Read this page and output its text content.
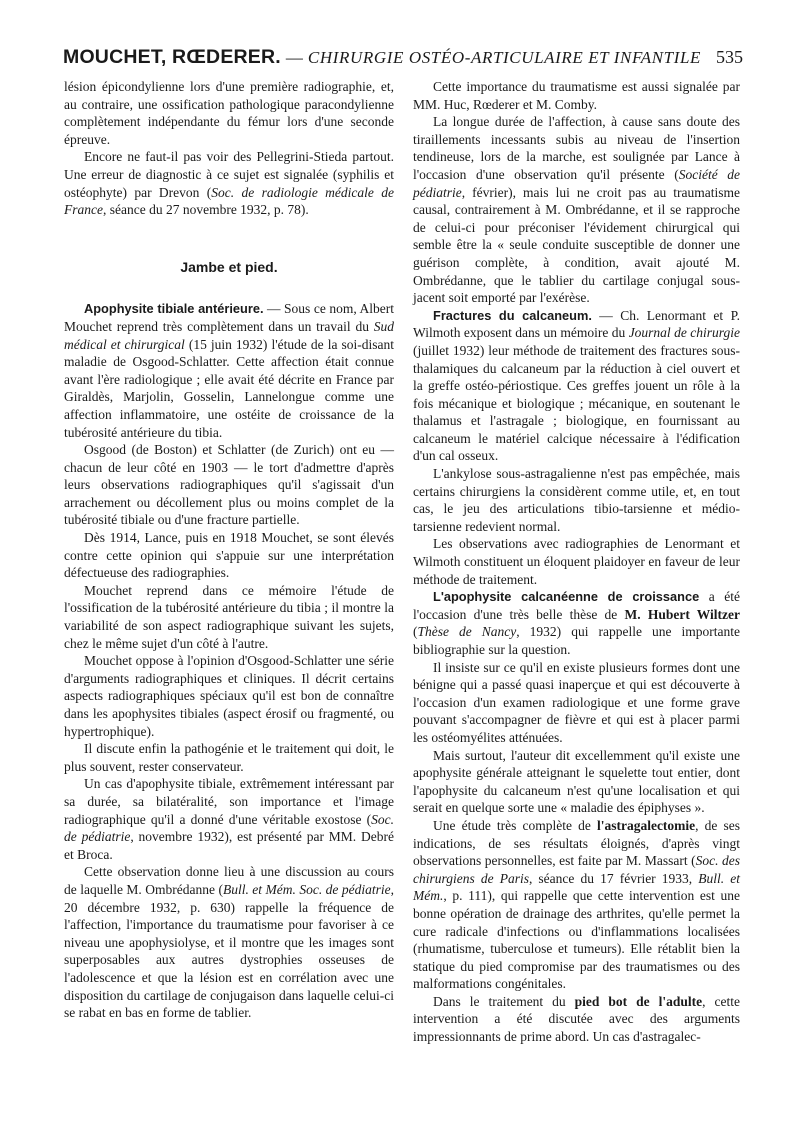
MOUCHET, RŒDERER. — CHIRURGIE OSTÉO-ARTICULAIRE ET INFANTILE 535

lésion épicondylienne lors d'une première radiographie, et, au contraire, une ossification pathologique paracondylienne complètement indépendante du fémur lors d'une seconde épreuve.

Encore ne faut-il pas voir des Pellegrini-Stieda partout. Une erreur de diagnostic à ce sujet est signalée (syphilis et ostéophyte) par Drevon (Soc. de radiologie médicale de France, séance du 27 novembre 1932, p. 78).

Jambe et pied.

Apophysite tibiale antérieure. — Sous ce nom, Albert Mouchet reprend très complètement dans un travail du Sud médical et chirurgical (15 juin 1932) l'étude de la soi-disant maladie de Osgood-Schlatter. Cette affection était connue avant l'ère radiologique ; elle avait été décrite en France par Giraldès, Marjolin, Gosselin, Lannelongue comme une affection inflammatoire, une ostéite de croissance de la tubérosité antérieure du tibia.

Osgood (de Boston) et Schlatter (de Zurich) ont eu — chacun de leur côté en 1903 — le tort d'admettre d'après leurs observations radiographiques qu'il s'agissait d'un arrachement ou décollement plus ou moins complet de la tubérosité tibiale ou d'une fracture partielle.

Dès 1914, Lance, puis en 1918 Mouchet, se sont élevés contre cette opinion qui s'appuie sur une interprétation défectueuse des radiographies.

Mouchet reprend dans ce mémoire l'étude de l'ossification de la tubérosité antérieure du tibia ; il montre la variabilité de son aspect radiographique suivant les sujets, chez le même sujet d'un côté à l'autre.

Mouchet oppose à l'opinion d'Osgood-Schlatter une série d'arguments radiographiques et cliniques. Il décrit certains aspects radiographiques spéciaux qu'il est bon de connaître dans les apophysites tibiales (aspect érosif ou fragmenté, ou hypertrophique).

Il discute enfin la pathogénie et le traitement qui doit, le plus souvent, rester conservateur.

Un cas d'apophysite tibiale, extrêmement intéressant par sa durée, sa bilatéralité, son importance et l'image radiographique qu'il a donné d'une véritable exostose (Soc. de pédiatrie, novembre 1932), est présenté par MM. Debré et Broca.

Cette observation donne lieu à une discussion au cours de laquelle M. Ombrédanne (Bull. et Mém. Soc. de pédiatrie, 20 décembre 1932, p. 630) rappelle la fréquence de l'affection, l'importance du traumatisme pour favoriser à ce niveau une apophysiolyse, et il montre que les images sont superposables aux autres dystrophies osseuses de l'adolescence et que la lésion est en corrélation avec une disposition du cartilage de conjugaison dans laquelle celui-ci se rabat en bas en forme de tablier.

Cette importance du traumatisme est aussi signalée par MM. Huc, Rœderer et M. Comby.

La longue durée de l'affection, à cause sans doute des tiraillements incessants subis au niveau de l'insertion tendineuse, lors de la marche, est soulignée par Lance à l'occasion d'une observation qu'il présente (Société de pédiatrie, février), mais lui ne croit pas au traumatisme causal, contrairement à M. Ombrédanne, et il se rapproche de celui-ci pour préconiser l'évidement chirurgical qui semble être la « seule conduite susceptible de donner une guérison complète, à condition, avait ajouté M. Ombrédanne, que le tablier du cartilage conjugal sous-jacent soit emporté par l'exérèse.

Fractures du calcaneum. — Ch. Lenormant et P. Wilmoth exposent dans un mémoire du Journal de chirurgie (juillet 1932) leur méthode de traitement des fractures sous-thalamiques du calcaneum par la réduction à ciel ouvert et la greffe ostéo-périostique. Ces greffes jouent un rôle à la fois mécanique et biologique ; mécanique, en soutenant le thalamus et l'astragale ; biologique, en fournissant au calcaneum le matériel calcique nécessaire à l'édification d'un cal osseux.

L'ankylose sous-astragalienne n'est pas empêchée, mais certains chirurgiens la considèrent comme utile, et, en tout cas, le jeu des articulations tibio-tarsienne et médio-tarsienne redevient normal.

Les observations avec radiographies de Lenormant et Wilmoth constituent un éloquent plaidoyer en faveur de leur méthode de traitement.

L'apophysite calcanéenne de croissance a été l'occasion d'une très belle thèse de M. Hubert Wiltzer (Thèse de Nancy, 1932) qui rappelle une importante bibliographie sur la question.

Il insiste sur ce qu'il en existe plusieurs formes dont une bénigne qui a passé quasi inaperçue et qui est découverte à l'occasion d'un examen radiologique et une forme grave pouvant s'accompagner de fièvre et qui est à placer parmi les ostéomyélites atténuées.

Mais surtout, l'auteur dit excellemment qu'il existe une apophysite générale atteignant le squelette tout entier, dont l'apophysite du calcaneum n'est qu'une localisation et qui serait en quelque sorte une « maladie des épiphyses ».

Une étude très complète de l'astragalectomie, de ses indications, de ses résultats éloignés, d'après vingt observations personnelles, est faite par M. Massart (Soc. des chirurgiens de Paris, séance du 17 février 1933, Bull. et Mém., p. 111), qui rappelle que cette intervention est une bonne opération de drainage des arthrites, qu'elle permet la cure radicale d'infections ou d'inflammations localisées (rhumatisme, tuberculose et tumeurs). Elle rétablit bien la statique du pied compromise par des traumatismes ou des malformations congénitales.

Dans le traitement du pied bot de l'adulte, cette intervention a été discutée avec des arguments impressionnants de prime abord. Un cas d'astragalec-
